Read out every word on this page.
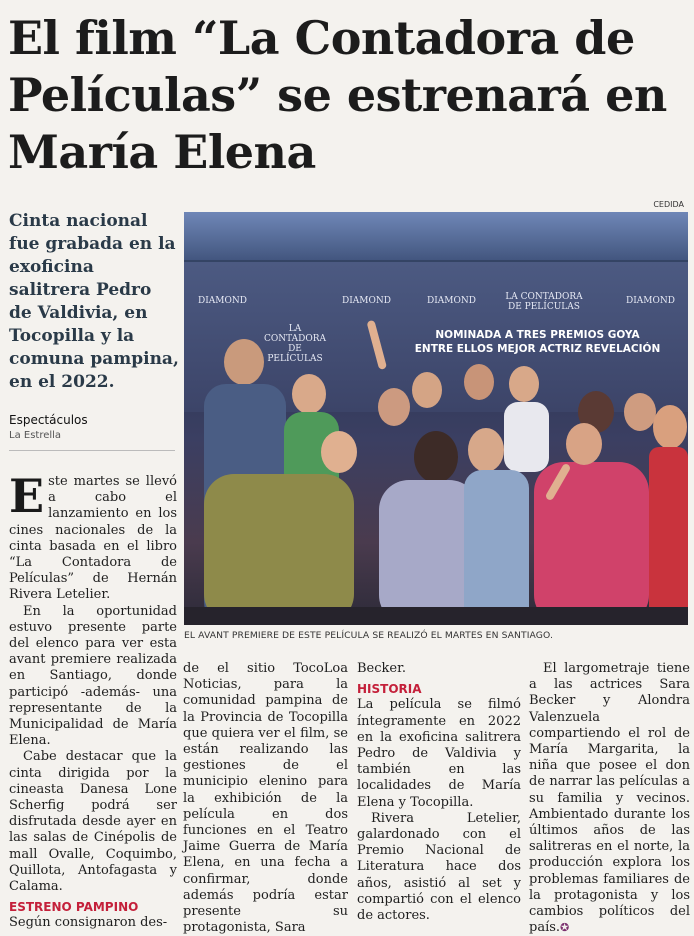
El film “La Contadora de Películas” se estrenará en María Elena
CEDIDA

Cinta nacional fue grabada en la exoficina salitrera Pedro de Valdivia, en Tocopilla y la comuna pampina, en el 2022.

Espectáculos
La Estrella
DIAMOND	DIAMOND	DIAMOND	DIAMOND
LA CONTADORA DE PELÍCULAS
LA CONTADORA DE PELÍCULAS
NOMINADA A TRES PREMIOS GOYA
ENTRE ELLOS MEJOR ACTRIZ REVELACIÓN
EL AVANT PREMIERE DE ESTE PELÍCULA SE REALIZÓ EL MARTES EN SANTIAGO.

Este martes se llevó a cabo el lanzamiento en los cines nacionales de la cinta basada en el libro “La Contadora de Películas” de Hernán Rivera Letelier.

En la oportunidad estuvo presente parte del elenco para ver esta avant premiere realizada en Santiago, donde participó -además- una representante de la Municipalidad de María Elena.

Cabe destacar que la cinta dirigida por la cineasta Danesa Lone Scherfig podrá ser disfrutada desde ayer en las salas de Cinépolis de mall Ovalle, Coquimbo, Quillota, Antofagasta y Calama.

ESTRENO PAMPINO

Según consignaron des-

de el sitio TocoLoa Noticias, para la comunidad pampina de la Provincia de Tocopilla que quiera ver el film, se están realizando las gestiones de el municipio elenino para la exhibición de la película en dos funciones en el Teatro Jaime Guerra de María Elena, en una fecha a confirmar, donde además podría estar presente su protagonista, Sara

Becker.

HISTORIA

La película se filmó íntegramente en 2022 en la exoficina salitrera Pedro de Valdivia y también en las localidades de María Elena y Tocopilla.

Rivera Letelier, galardonado con el Premio Nacional de Literatura hace dos años, asistió al set y compartió con el elenco de actores.

El largometraje tiene a las actrices Sara Becker y Alondra Valenzuela compartiendo el rol de María Margarita, la niña que posee el don de narrar las películas a su familia y vecinos. Ambientado durante los últimos años de las salitreras en el norte, la producción explora los problemas familiares de la protagonista y los cambios políticos del país.✪
